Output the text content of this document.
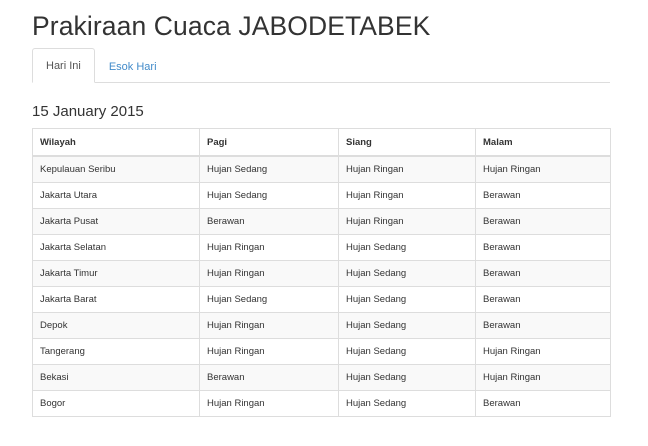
Prakiraan Cuaca JABODETABEK
Hari Ini	Esok Hari
15 January 2015
Wilayah	Pagi	Siang	Malam
Kepulauan Seribu	Hujan Sedang	Hujan Ringan	Hujan Ringan
Jakarta Utara	Hujan Sedang	Hujan Ringan	Berawan
Jakarta Pusat	Berawan	Hujan Ringan	Berawan
Jakarta Selatan	Hujan Ringan	Hujan Sedang	Berawan
Jakarta Timur	Hujan Ringan	Hujan Sedang	Berawan
Jakarta Barat	Hujan Sedang	Hujan Sedang	Berawan
Depok	Hujan Ringan	Hujan Sedang	Berawan
Tangerang	Hujan Ringan	Hujan Sedang	Hujan Ringan
Bekasi	Berawan	Hujan Sedang	Hujan Ringan
Bogor	Hujan Ringan	Hujan Sedang	Berawan
